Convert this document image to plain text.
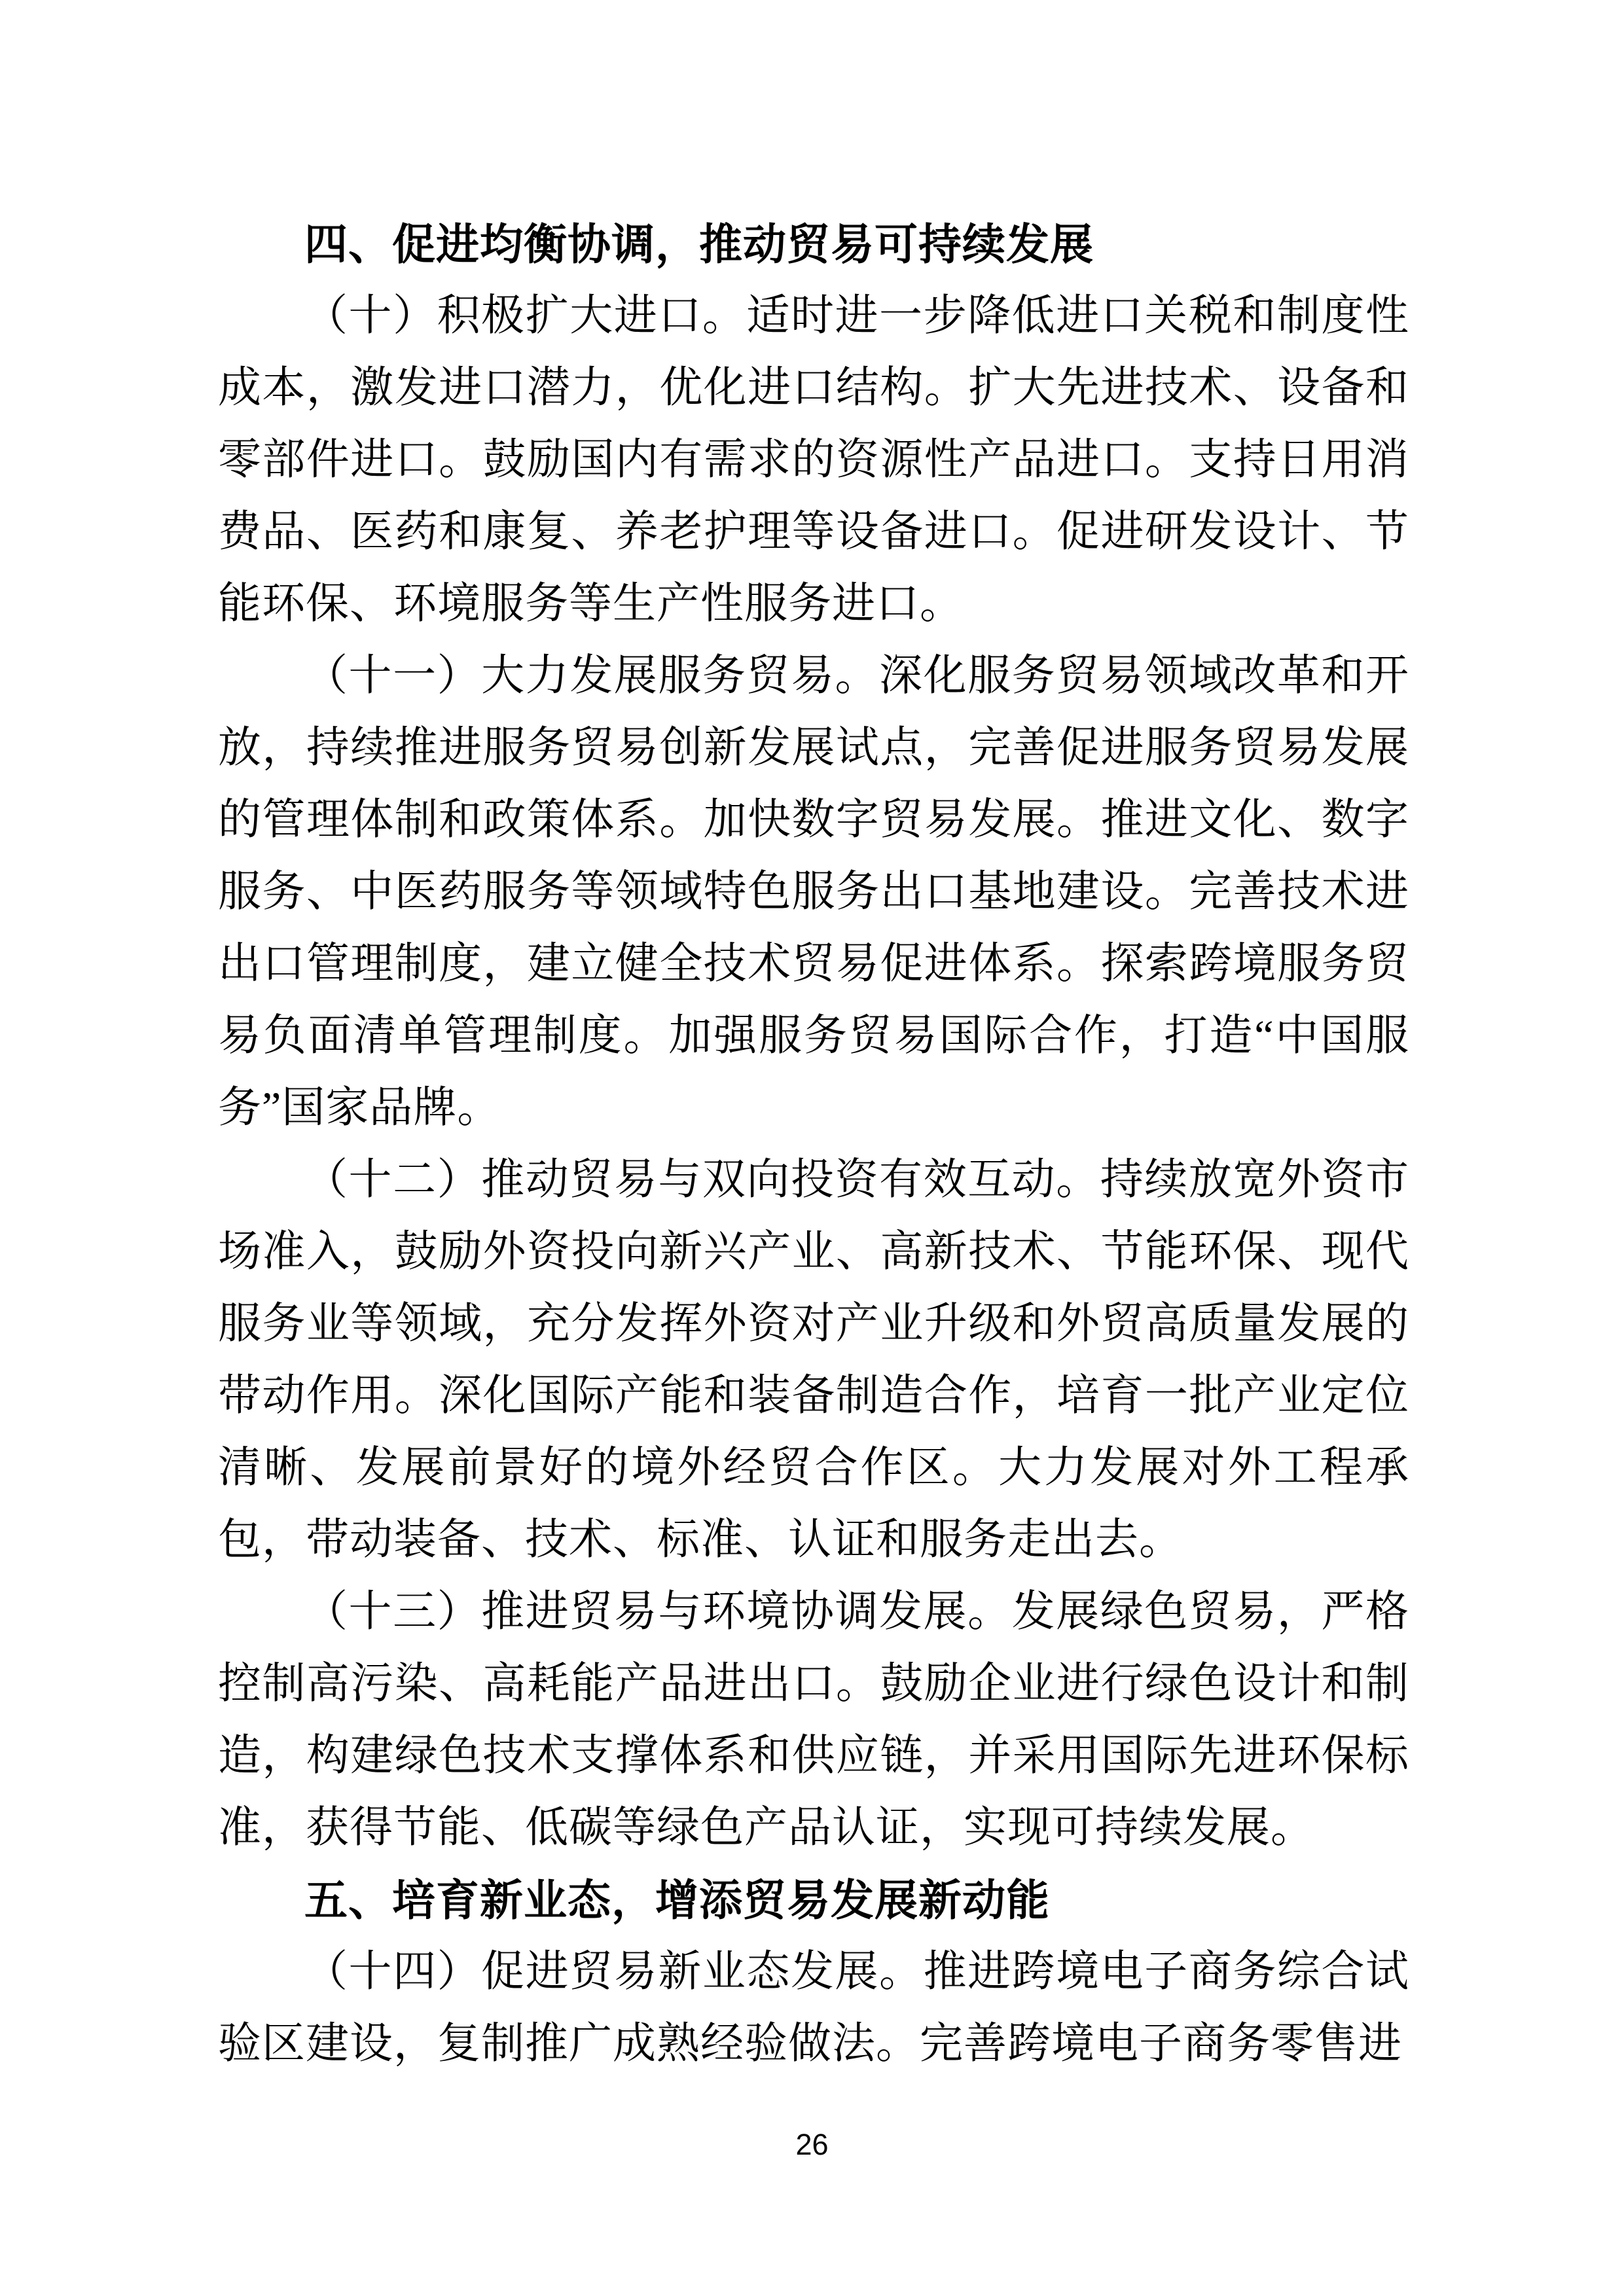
四、促进均衡协调，推动贸易可持续发展

（十）积极扩大进口。适时进一步降低进口关税和制度性成本，激发进口潜力，优化进口结构。扩大先进技术、设备和零部件进口。鼓励国内有需求的资源性产品进口。支持日用消费品、医药和康复、养老护理等设备进口。促进研发设计、节能环保、环境服务等生产性服务进口。

（十一）大力发展服务贸易。深化服务贸易领域改革和开放，持续推进服务贸易创新发展试点，完善促进服务贸易发展的管理体制和政策体系。加快数字贸易发展。推进文化、数字服务、中医药服务等领域特色服务出口基地建设。完善技术进出口管理制度，建立健全技术贸易促进体系。探索跨境服务贸易负面清单管理制度。加强服务贸易国际合作，打造“中国服务”国家品牌。

（十二）推动贸易与双向投资有效互动。持续放宽外资市场准入，鼓励外资投向新兴产业、高新技术、节能环保、现代服务业等领域，充分发挥外资对产业升级和外贸高质量发展的带动作用。深化国际产能和装备制造合作，培育一批产业定位清晰、发展前景好的境外经贸合作区。大力发展对外工程承包，带动装备、技术、标准、认证和服务走出去。

（十三）推进贸易与环境协调发展。发展绿色贸易，严格控制高污染、高耗能产品进出口。鼓励企业进行绿色设计和制造，构建绿色技术支撑体系和供应链，并采用国际先进环保标准，获得节能、低碳等绿色产品认证，实现可持续发展。

五、培育新业态，增添贸易发展新动能

（十四）促进贸易新业态发展。推进跨境电子商务综合试验区建设，复制推广成熟经验做法。完善跨境电子商务零售进

26
